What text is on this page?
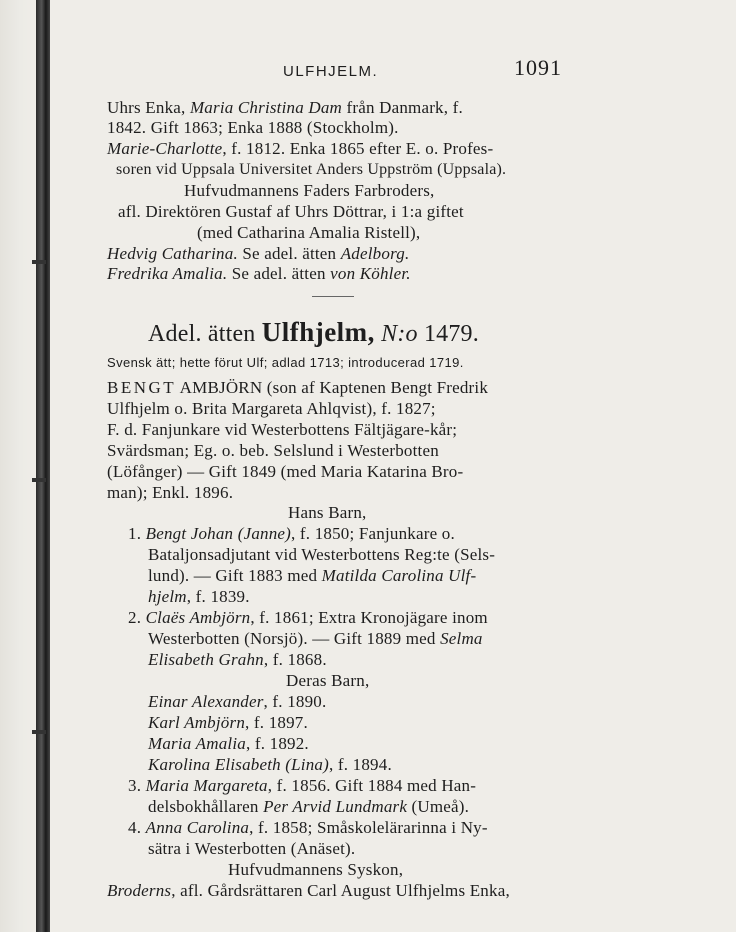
ULFHJELM.	1091
Uhrs Enka, Maria Christina Dam från Danmark, f.
1842. Gift 1863; Enka 1888 (Stockholm).
Marie-Charlotte, f. 1812. Enka 1865 efter E. o. Profes-
soren vid Uppsala Universitet Anders Uppström (Uppsala).
Hufvudmannens Faders Farbroders,
afl. Direktören Gustaf af Uhrs Döttrar, i 1:a giftet
(med Catharina Amalia Ristell),
Hedvig Catharina. Se adel. ätten Adelborg.
Fredrika Amalia. Se adel. ätten von Köhler.
Adel. ätten Ulfhjelm, N:o 1479.
Svensk ätt; hette förut Ulf; adlad 1713; introducerad 1719.
BENGT AMBJÖRN (son af Kaptenen Bengt Fredrik
Ulfhjelm o. Brita Margareta Ahlqvist), f. 1827;
F. d. Fanjunkare vid Westerbottens Fältjägare-kår;
Svärdsman; Eg. o. beb. Selslund i Westerbotten
(Löfånger) — Gift 1849 (med Maria Katarina Bro-
man); Enkl. 1896.
Hans Barn,
1. Bengt Johan (Janne), f. 1850; Fanjunkare o.
Bataljonsadjutant vid Westerbottens Reg:te (Sels-
lund). — Gift 1883 med Matilda Carolina Ulf-
hjelm, f. 1839.
2. Claës Ambjörn, f. 1861; Extra Kronojägare inom
Westerbotten (Norsjö). — Gift 1889 med Selma
Elisabeth Grahn, f. 1868.
Deras Barn,
Einar Alexander, f. 1890.
Karl Ambjörn, f. 1897.
Maria Amalia, f. 1892.
Karolina Elisabeth (Lina), f. 1894.
3. Maria Margareta, f. 1856. Gift 1884 med Han-
delsbokhållaren Per Arvid Lundmark (Umeå).
4. Anna Carolina, f. 1858; Småskolelärarinna i Ny-
sätra i Westerbotten (Anäset).
Hufvudmannens Syskon,
Broderns, afl. Gårdsrättaren Carl August Ulfhjelms Enka,
